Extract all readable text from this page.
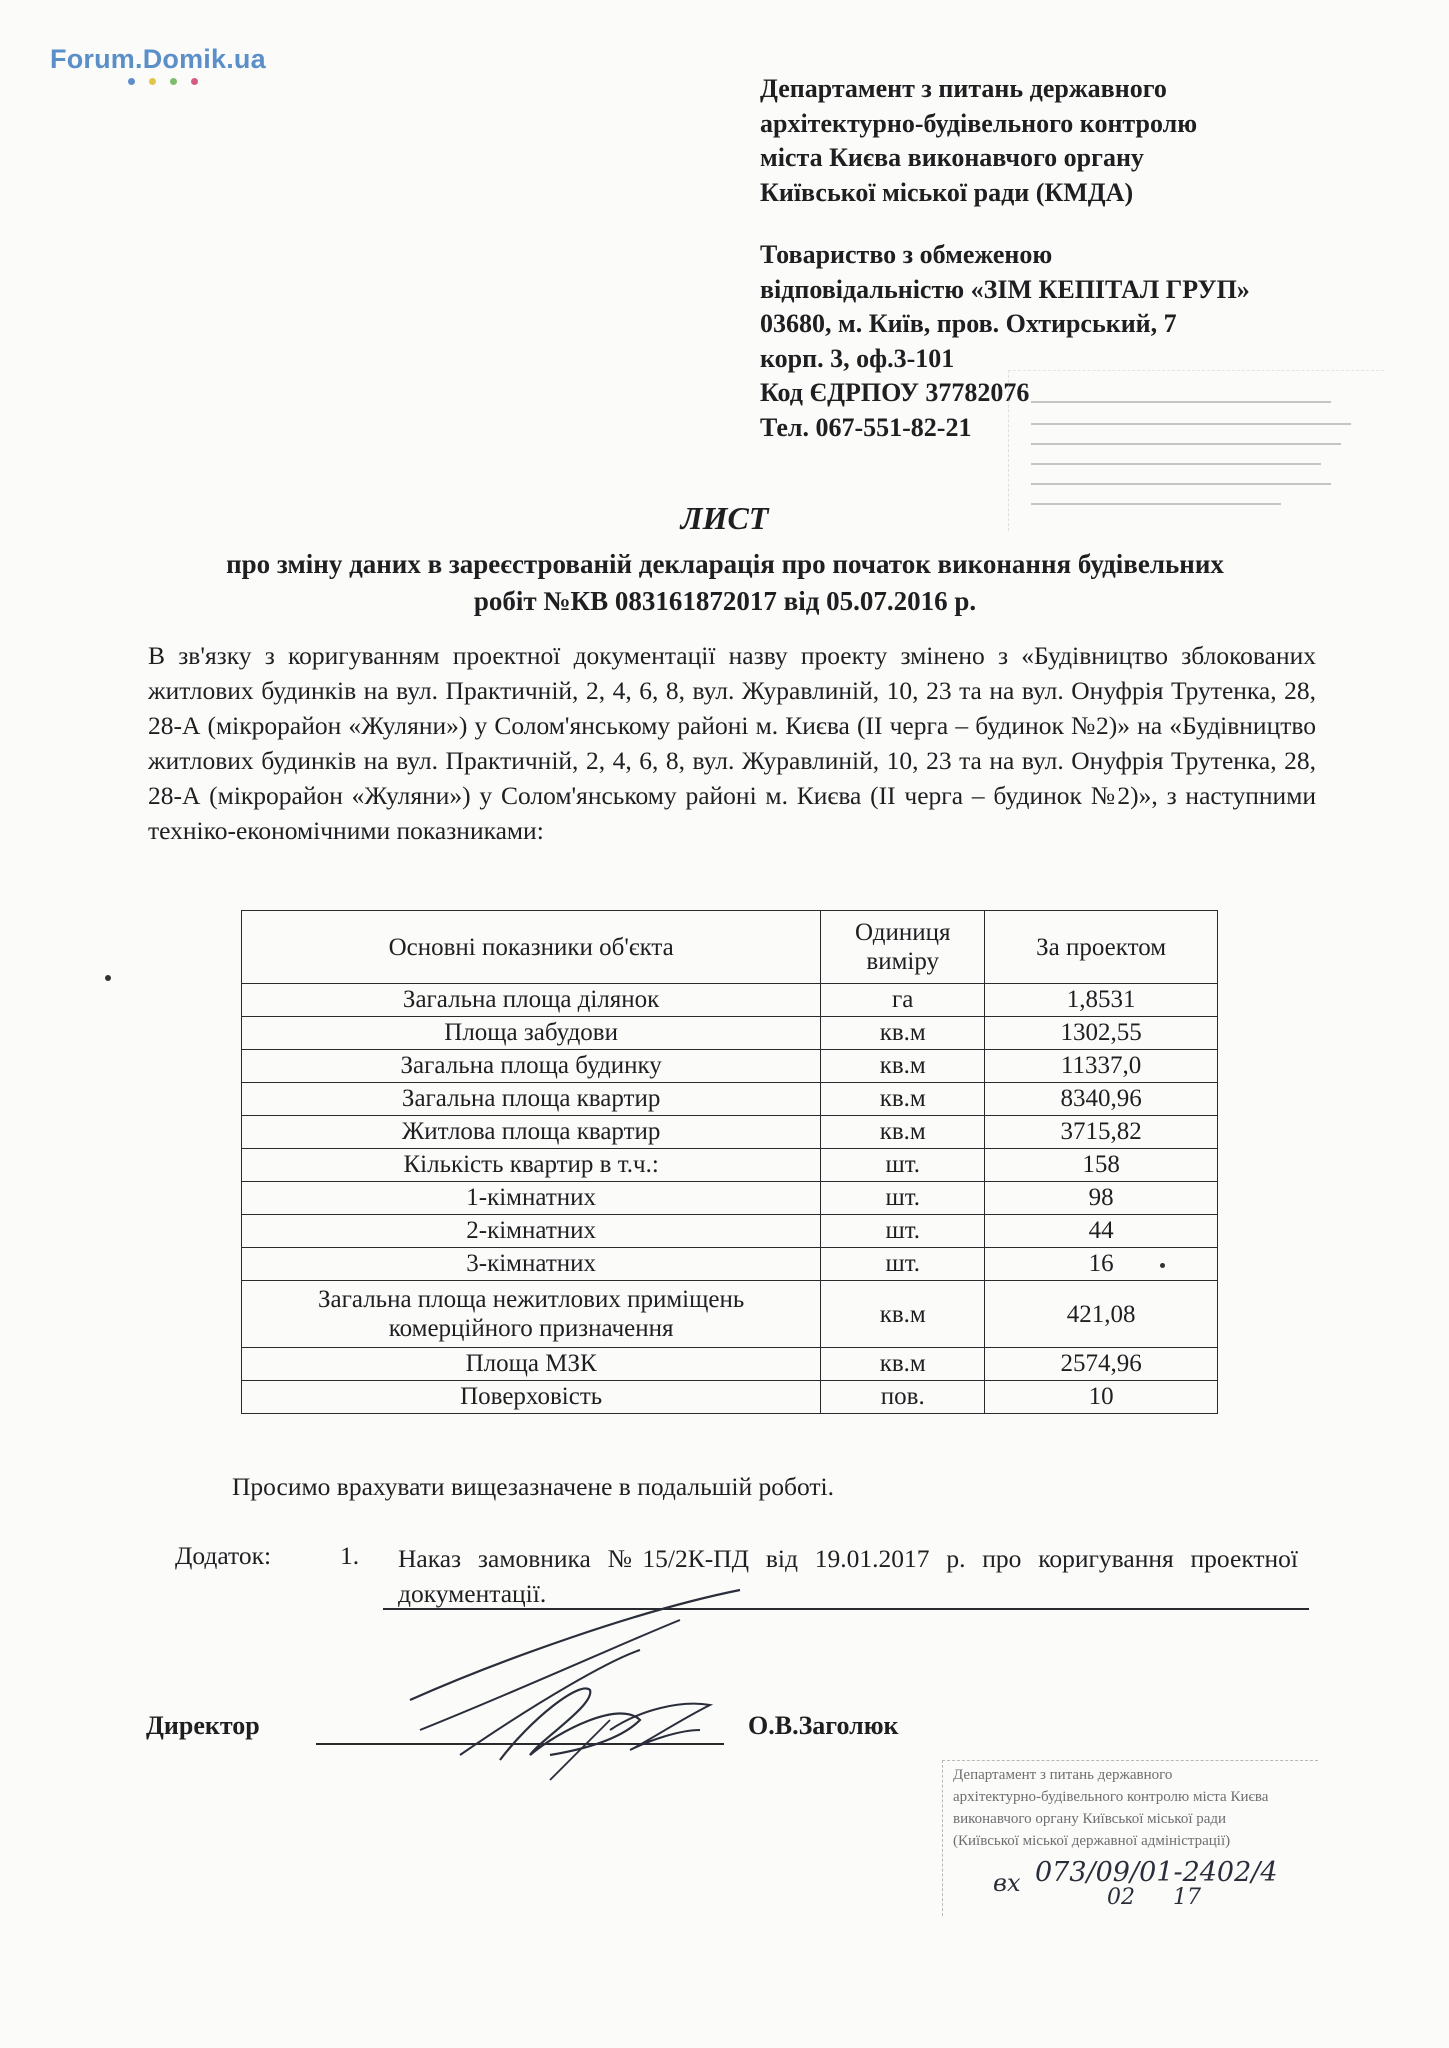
Forum.Domik.ua
Департамент з питань державного
архітектурно-будівельного контролю
міста Києва виконавчого органу
Київської міської ради (КМДА)
Товариство з обмеженою
відповідальністю «ЗІМ КЕПІТАЛ ГРУП»
03680, м. Київ, пров. Охтирський, 7
корп. 3, оф.3-101
Код ЄДРПОУ 37782076
Тел. 067-551-82-21
ЛИСТ
про зміну даних в зареєстрованій декларація про початок виконання будівельних робіт №КВ 083161872017 від 05.07.2016 р.
В зв'язку з коригуванням проектної документації назву проекту змінено з «Будівництво зблокованих житлових будинків на вул. Практичній, 2, 4, 6, 8, вул. Журавлиній, 10, 23 та на вул. Онуфрія Трутенка, 28, 28-А (мікрорайон «Жуляни») у Солом'янському районі м. Києва (ІІ черга – будинок №2)» на «Будівництво житлових будинків на вул. Практичній, 2, 4, 6, 8, вул. Журавлиній, 10, 23 та на вул. Онуфрія Трутенка, 28, 28-А (мікрорайон «Жуляни») у Солом'янському районі м. Києва (ІІ черга – будинок №2)», з наступними техніко-економічними показниками:
Основні показники об'єкта	Одиниця виміру	За проектом
Загальна площа ділянок	га	1,8531
Площа забудови	кв.м	1302,55
Загальна площа будинку	кв.м	11337,0
Загальна площа квартир	кв.м	8340,96
Житлова площа квартир	кв.м	3715,82
Кількість квартир в т.ч.:	шт.	158
1-кімнатних	шт.	98
2-кімнатних	шт.	44
3-кімнатних	шт.	16
Загальна площа нежитлових приміщень комерційного призначення	кв.м	421,08
Площа МЗК	кв.м	2574,96
Поверховість	пов.	10
Просимо врахувати вищезазначене в подальшій роботі.
Додаток:	1. Наказ замовника №15/2К-ПД від 19.01.2017 р. про коригування проектної документації.
Директор	О.В.Заголюк
Департамент з питань державного
архітектурно-будівельного контролю міста Києва
виконавчого органу Київської міської ради
(Київської міської державної адміністрації)
вх 073/09/01-2402/4
02 17
